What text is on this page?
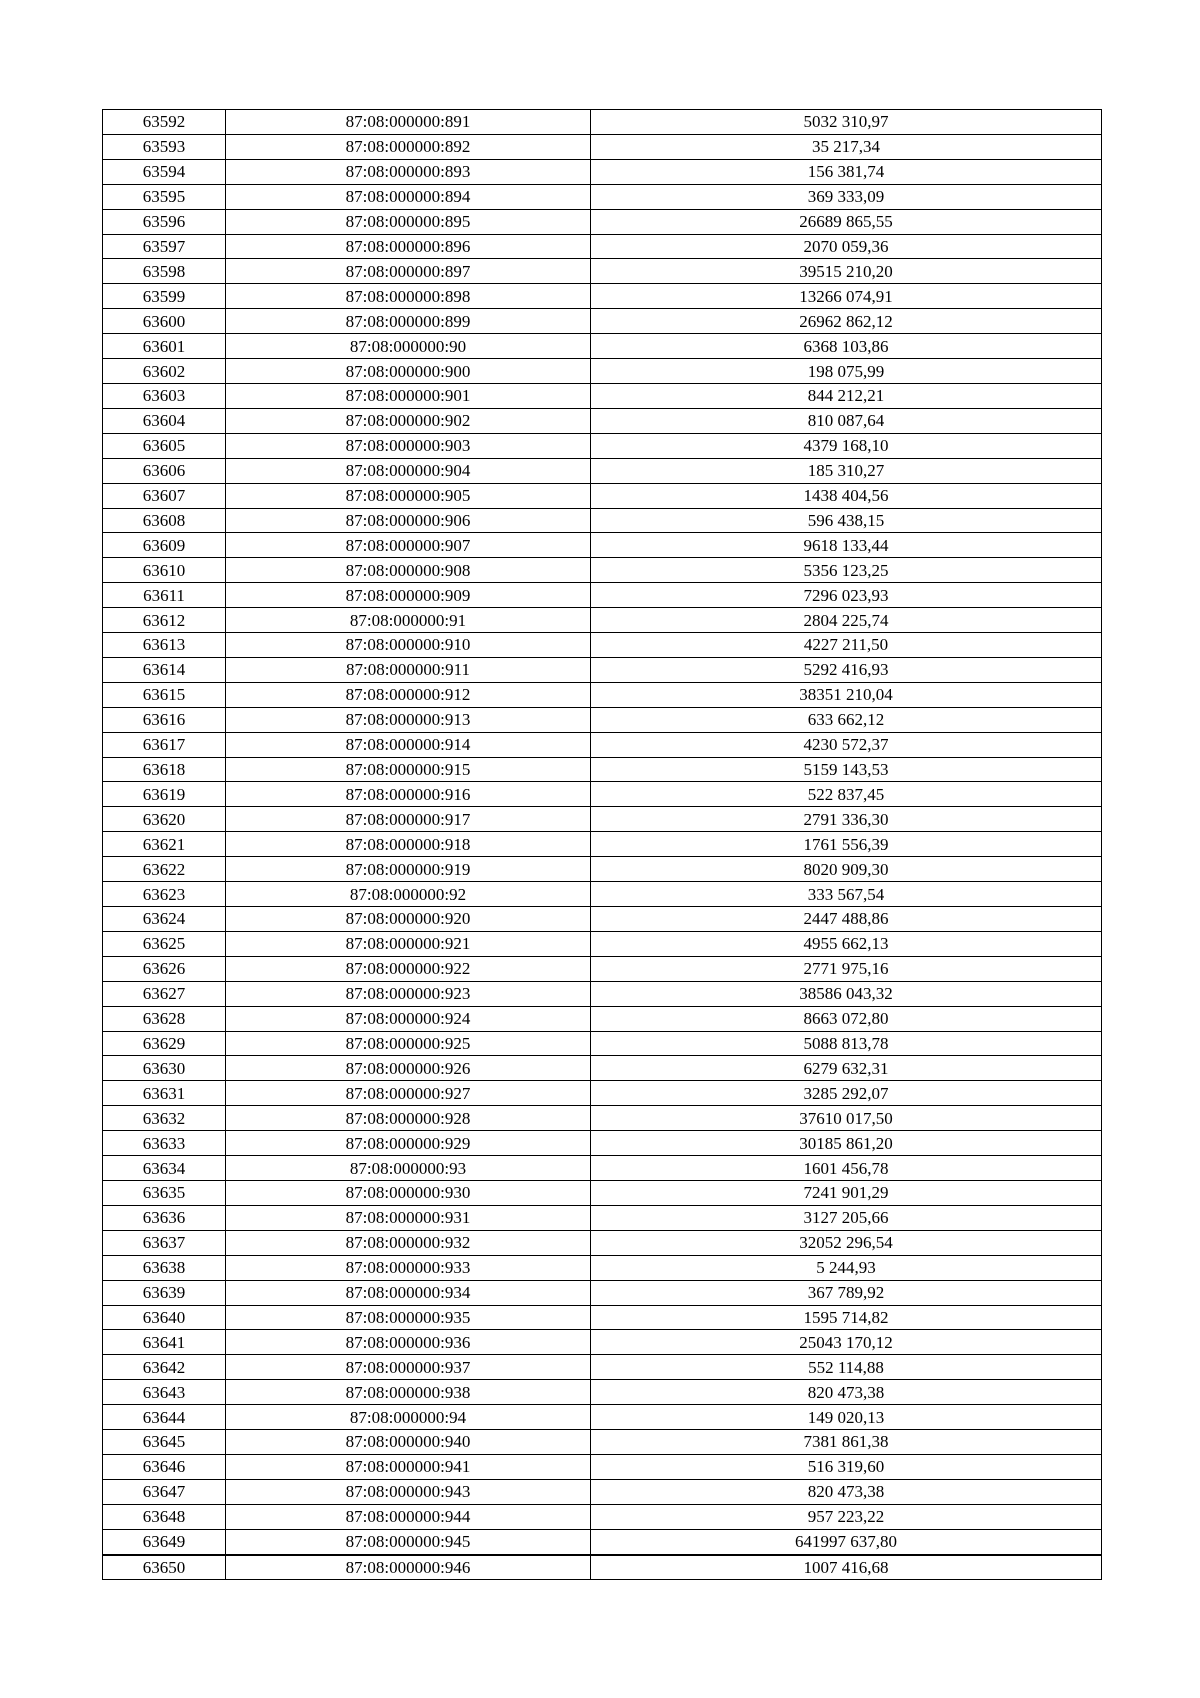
63592	87:08:000000:891	5032 310,97
63593	87:08:000000:892	35 217,34
63594	87:08:000000:893	156 381,74
63595	87:08:000000:894	369 333,09
63596	87:08:000000:895	26689 865,55
63597	87:08:000000:896	2070 059,36
63598	87:08:000000:897	39515 210,20
63599	87:08:000000:898	13266 074,91
63600	87:08:000000:899	26962 862,12
63601	87:08:000000:90	6368 103,86
63602	87:08:000000:900	198 075,99
63603	87:08:000000:901	844 212,21
63604	87:08:000000:902	810 087,64
63605	87:08:000000:903	4379 168,10
63606	87:08:000000:904	185 310,27
63607	87:08:000000:905	1438 404,56
63608	87:08:000000:906	596 438,15
63609	87:08:000000:907	9618 133,44
63610	87:08:000000:908	5356 123,25
63611	87:08:000000:909	7296 023,93
63612	87:08:000000:91	2804 225,74
63613	87:08:000000:910	4227 211,50
63614	87:08:000000:911	5292 416,93
63615	87:08:000000:912	38351 210,04
63616	87:08:000000:913	633 662,12
63617	87:08:000000:914	4230 572,37
63618	87:08:000000:915	5159 143,53
63619	87:08:000000:916	522 837,45
63620	87:08:000000:917	2791 336,30
63621	87:08:000000:918	1761 556,39
63622	87:08:000000:919	8020 909,30
63623	87:08:000000:92	333 567,54
63624	87:08:000000:920	2447 488,86
63625	87:08:000000:921	4955 662,13
63626	87:08:000000:922	2771 975,16
63627	87:08:000000:923	38586 043,32
63628	87:08:000000:924	8663 072,80
63629	87:08:000000:925	5088 813,78
63630	87:08:000000:926	6279 632,31
63631	87:08:000000:927	3285 292,07
63632	87:08:000000:928	37610 017,50
63633	87:08:000000:929	30185 861,20
63634	87:08:000000:93	1601 456,78
63635	87:08:000000:930	7241 901,29
63636	87:08:000000:931	3127 205,66
63637	87:08:000000:932	32052 296,54
63638	87:08:000000:933	5 244,93
63639	87:08:000000:934	367 789,92
63640	87:08:000000:935	1595 714,82
63641	87:08:000000:936	25043 170,12
63642	87:08:000000:937	552 114,88
63643	87:08:000000:938	820 473,38
63644	87:08:000000:94	149 020,13
63645	87:08:000000:940	7381 861,38
63646	87:08:000000:941	516 319,60
63647	87:08:000000:943	820 473,38
63648	87:08:000000:944	957 223,22
63649	87:08:000000:945	641997 637,80
63650	87:08:000000:946	1007 416,68
